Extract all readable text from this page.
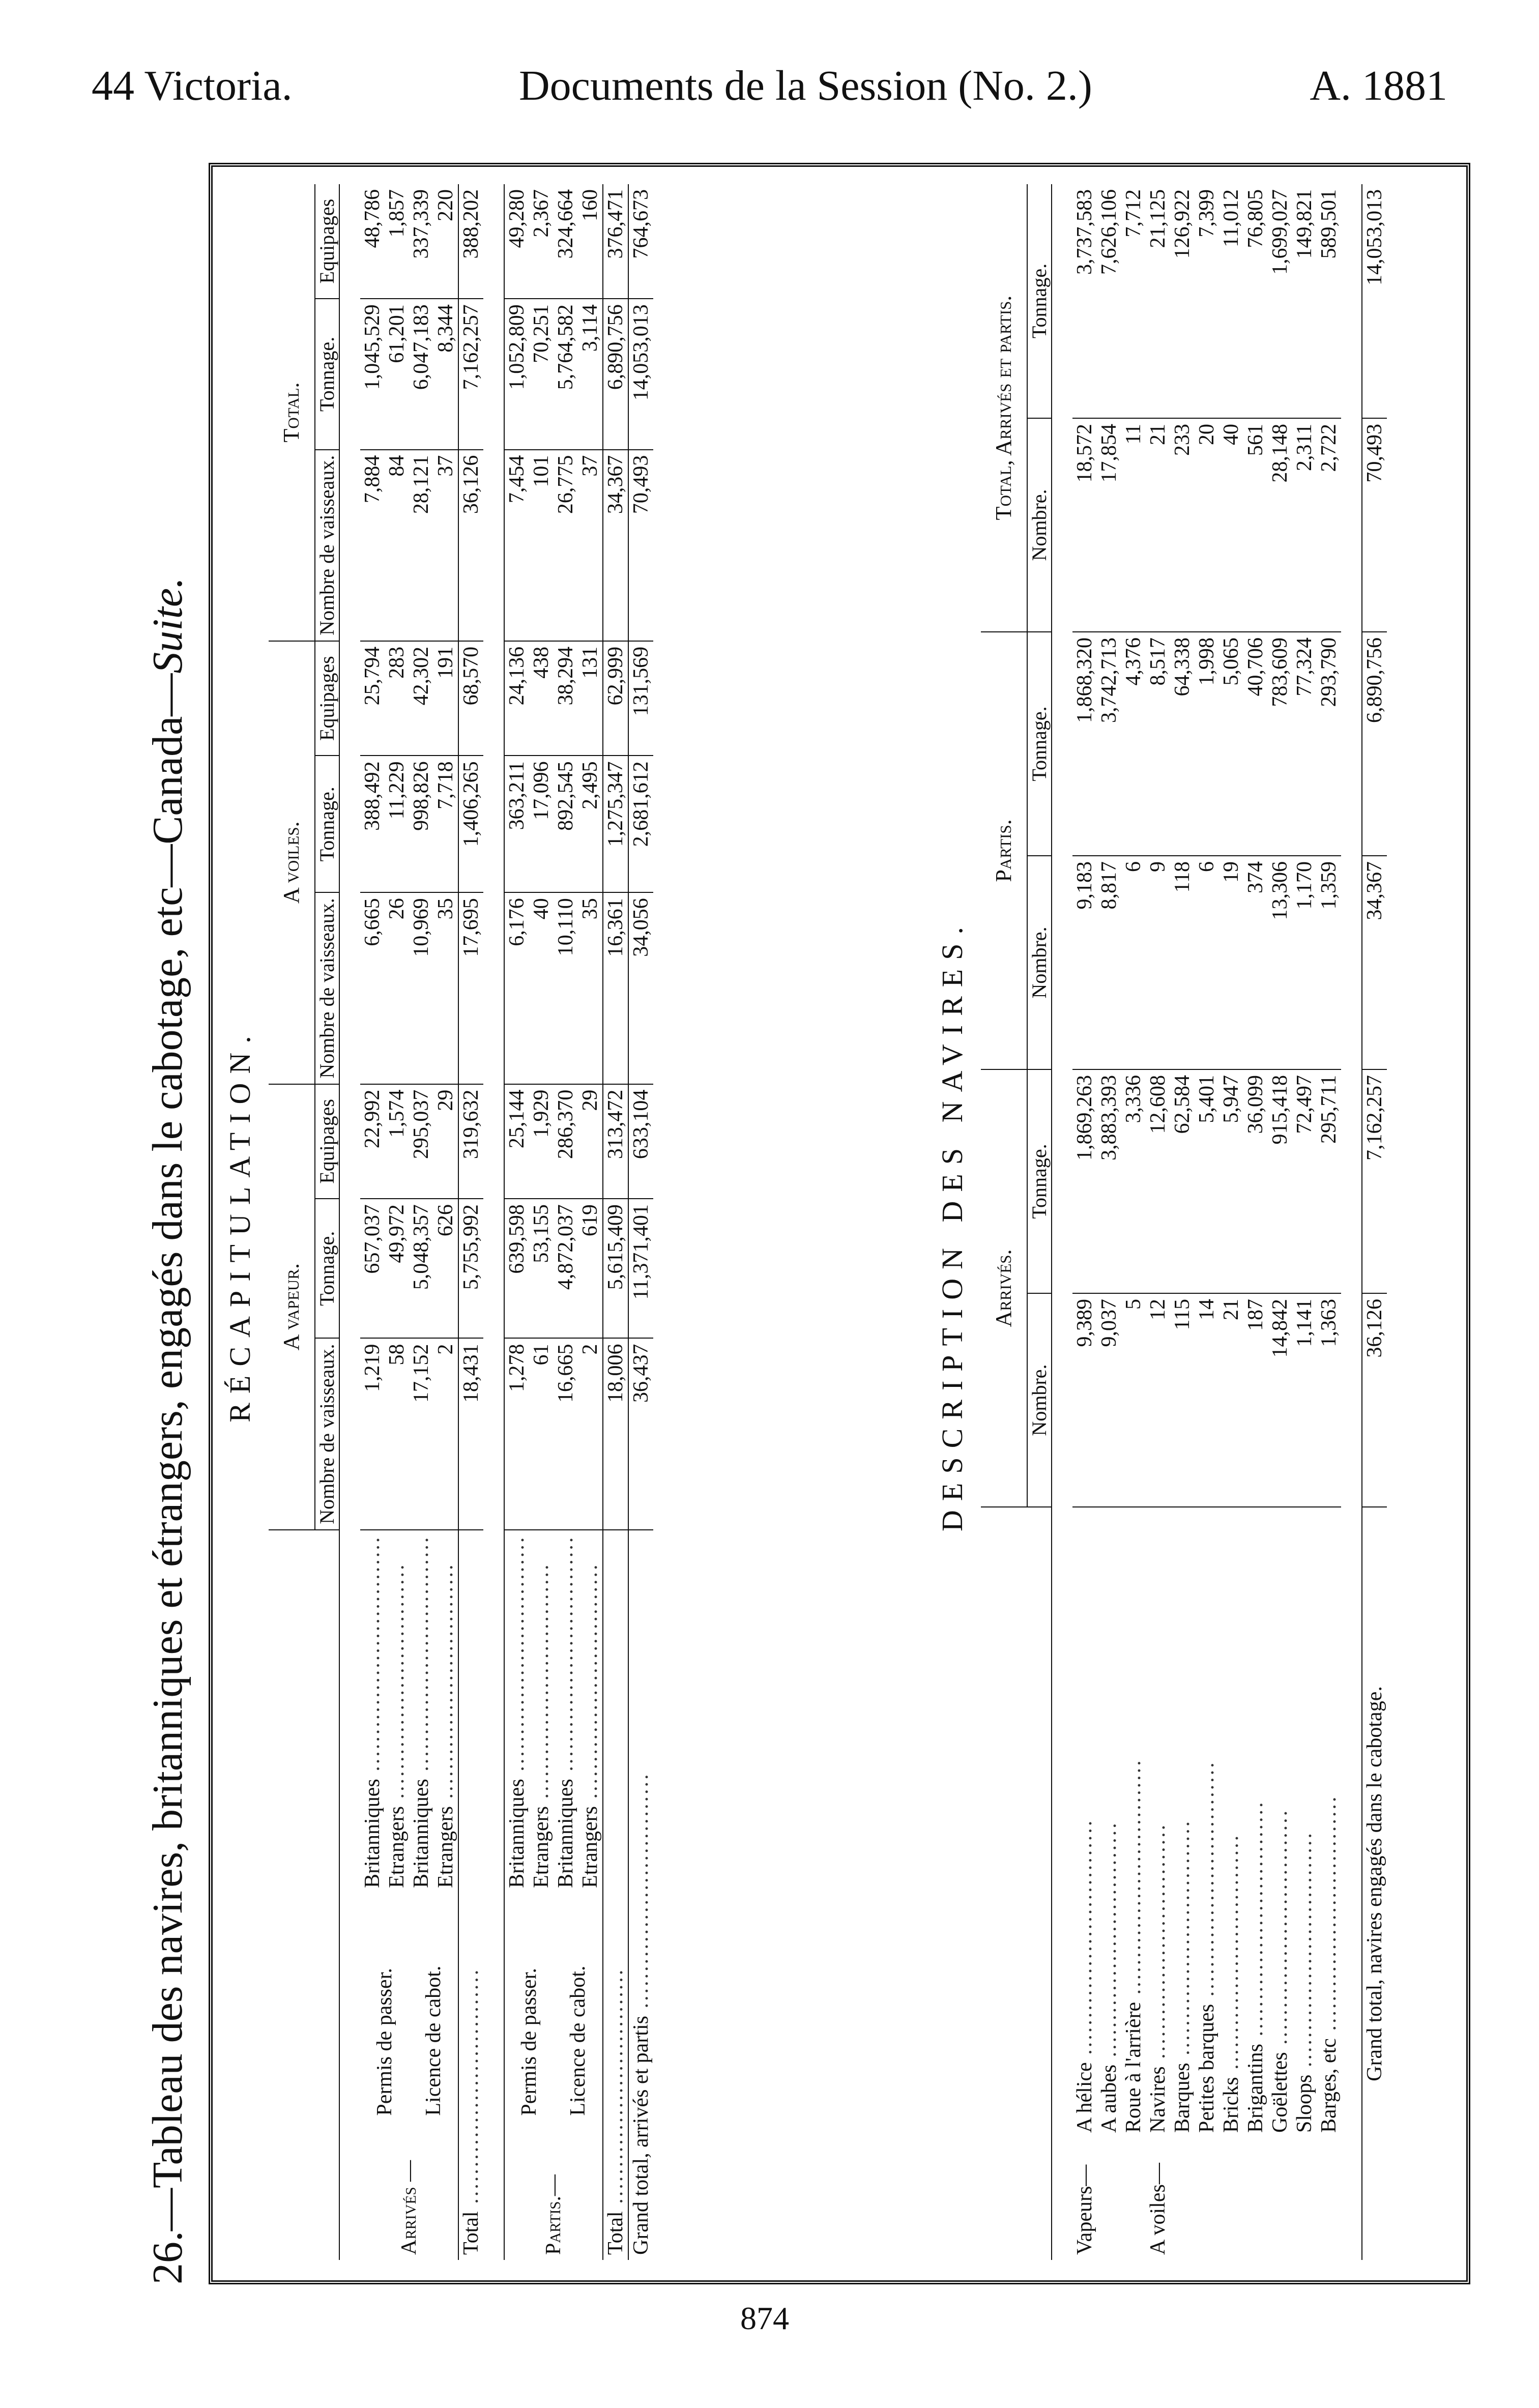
44 Victoria.	Documents de la Session (No. 2.)	A. 1881
26.—Tableau des navires, britanniques et étrangers, engagés dans le cabotage, etc—Canada—Suite.
RÉCAPITULATION.
			A vapeur.			A voiles.			Total.		
			Nombre de vaisseaux.	Tonnage.	Equipages	Nombre de vaisseaux.	Tonnage.	Equipages	Nombre de vaisseaux.	Tonnage.	Equipages

Arrivés —	Permis de passer.	Britanniques .....	1,219	657,037	22,992	6,665	388,492	25,794	7,884	1,045,529	48,786
		Etrangers .....	58	49,972	1,574	26	11,229	283	84	61,201	1,857
	Licence de cabot.	Britanniques .....	17,152	5,048,357	295,037	10,969	998,826	42,302	28,121	6,047,183	337,339
		Etrangers .....	2	626	29	35	7,718	191	37	8,344	220
Total .....			18,431	5,755,992	319,632	17,695	1,406,265	68,570	36,126	7,162,257	388,202

Partis.—	Permis de passer.	Britanniques .....	1,278	639,598	25,144	6,176	363,211	24,136	7,454	1,052,809	49,280
		Etrangers .....	61	53,155	1,929	40	17,096	438	101	70,251	2,367
	Licence de cabot.	Britanniques .....	16,665	4,872,037	286,370	10,110	892,545	38,294	26,775	5,764,582	324,664
		Etrangers .....	2	619	29	35	2,495	131	37	3,114	160
Total .....			18,006	5,615,409	313,472	16,361	1,275,347	62,999	34,367	6,890,756	376,471
Grand total, arrivés et partis .....			36,437	11,371,401	633,104	34,056	2,681,612	131,569	70,493	14,053,013	764,673
DESCRIPTION DES NAVIRES.
		Arrivés.		Partis.		Total, Arrivés et partis.	
		Nombre.	Tonnage.	Nombre.	Tonnage.	Nombre.	Tonnage.

Vapeurs—	A hélice .....	9,389	1,869,263	9,183	1,868,320	18,572	3,737,583
	A aubes .....	9,037	3,883,393	8,817	3,742,713	17,854	7,626,106
	Roue à l'arrière .....	5	3,336	6	4,376	11	7,712
A voiles—	Navires .....	12	12,608	9	8,517	21	21,125
	Barques .....	115	62,584	118	64,338	233	126,922
	Petites barques .....	14	5,401	6	1,998	20	7,399
	Bricks .....	21	5,947	19	5,065	40	11,012
	Brigantins .....	187	36,099	374	40,706	561	76,805
	Goëlettes .....	14,842	915,418	13,306	783,609	28,148	1,699,027
	Sloops .....	1,141	72,497	1,170	77,324	2,311	149,821
	Barges, etc .....	1,363	295,711	1,359	293,790	2,722	589,501

Grand total, navires engagés dans le cabotage.		36,126	7,162,257	34,367	6,890,756	70,493	14,053,013
874
